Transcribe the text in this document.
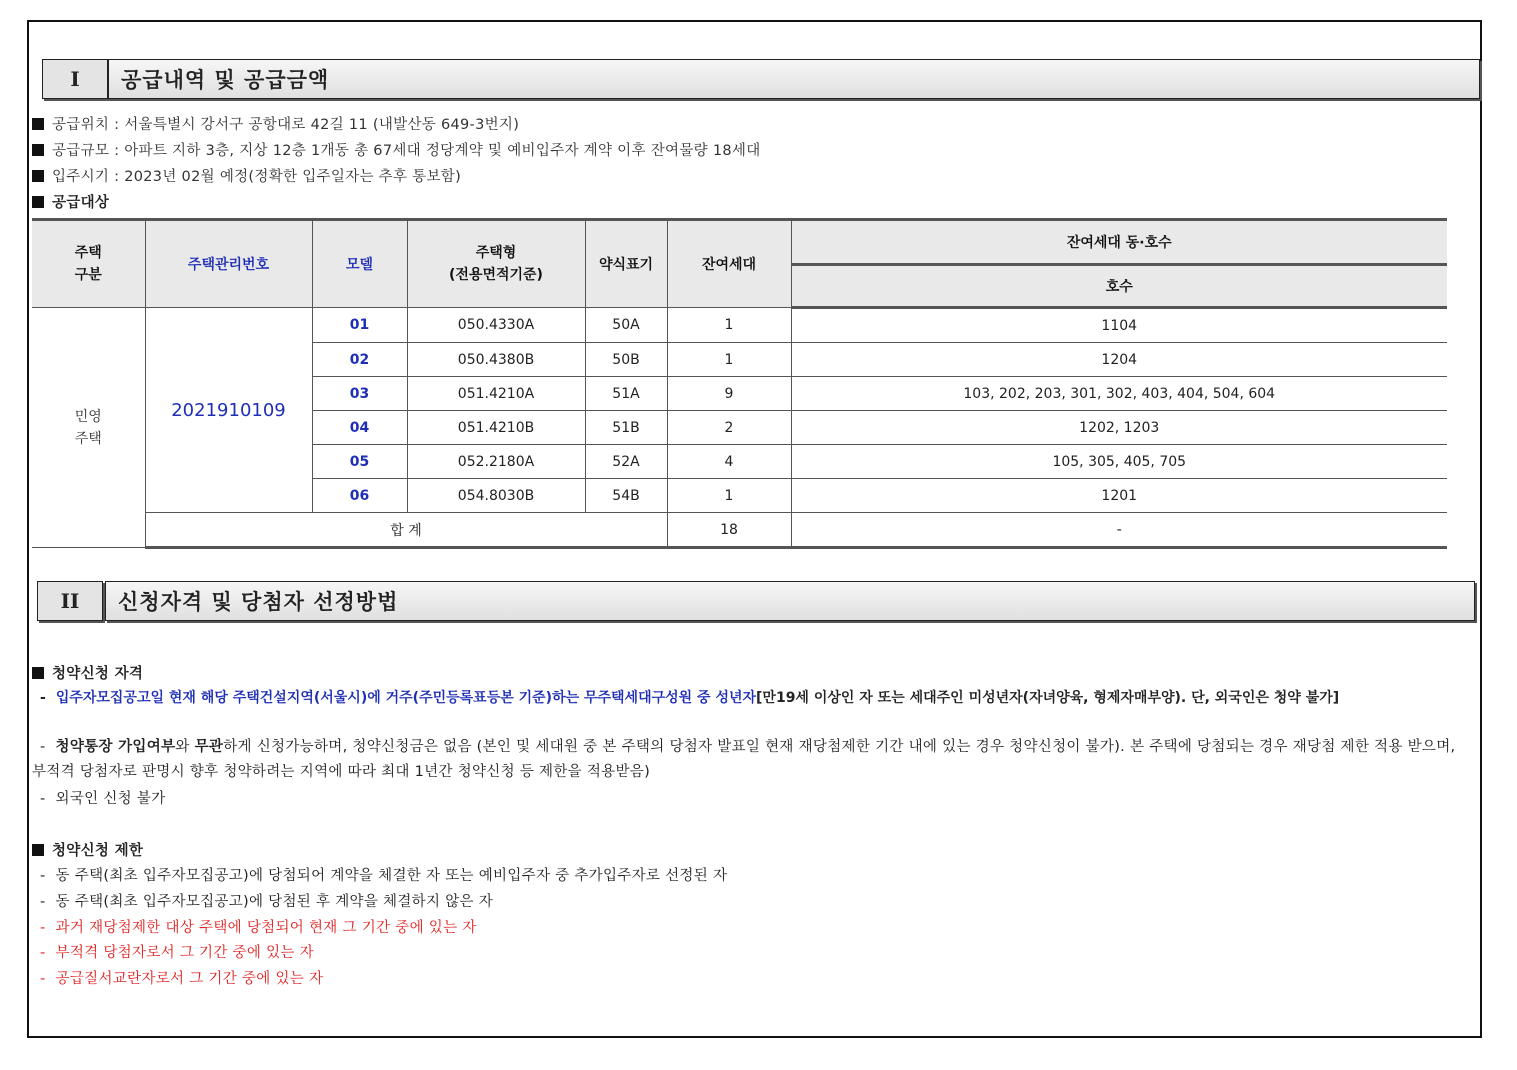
I	공급내역 및 공급금액
공급위치 : 서울특별시 강서구 공항대로 42길 11 (내발산동 649-3번지)
공급규모 : 아파트 지하 3층, 지상 12층 1개동 총 67세대 정당계약 및 예비입주자 계약 이후 잔여물량 18세대
입주시기 : 2023년 02월 예정(정확한 입주일자는 추후 통보함)
공급대상
주택
구분	주택관리번호	모델	주택형
(전용면적기준)	약식표기	잔여세대	잔여세대 동·호수
						호수
민영
주택	2021910109	01	050.4330A	50A	1	1104
		02	050.4380B	50B	1	1204
		03	051.4210A	51A	9	103, 202, 203, 301, 302, 403, 404, 504, 604
		04	051.4210B	51B	2	1202, 1203
		05	052.2180A	52A	4	105, 305, 405, 705
		06	054.8030B	54B	1	1201
	합 계				18	-
II	신청자격 및 당첨자 선정방법
청약신청 자격
- 입주자모집공고일 현재 해당 주택건설지역(서울시)에 거주(주민등록표등본 기준)하는 무주택세대구성원 중 성년자[만19세 이상인 자 또는 세대주인 미성년자(자녀양육, 형제자매부양). 단, 외국인은 청약 불가]
- 청약통장 가입여부와 무관하게 신청가능하며, 청약신청금은 없음 (본인 및 세대원 중 본 주택의 당첨자 발표일 현재 재당첨제한 기간 내에 있는 경우 청약신청이 불가). 본 주택에 당첨되는 경우 재당첨 제한 적용 받으며, 부적격 당첨자로 판명시 향후 청약하려는 지역에 따라 최대 1년간 청약신청 등 제한을 적용받음)
- 외국인 신청 불가
청약신청 제한
- 동 주택(최초 입주자모집공고)에 당첨되어 계약을 체결한 자 또는 예비입주자 중 추가입주자로 선정된 자
- 동 주택(최초 입주자모집공고)에 당첨된 후 계약을 체결하지 않은 자
- 과거 재당첨제한 대상 주택에 당첨되어 현재 그 기간 중에 있는 자
- 부적격 당첨자로서 그 기간 중에 있는 자
- 공급질서교란자로서 그 기간 중에 있는 자
